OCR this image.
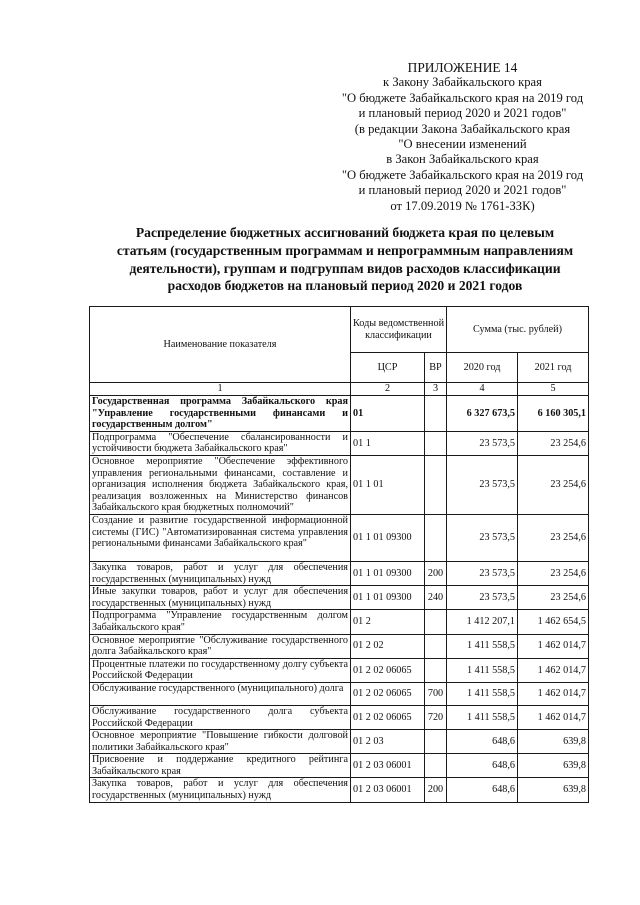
ПРИЛОЖЕНИЕ 14
к Закону Забайкальского края
"О бюджете Забайкальского края на 2019 год
и плановый период 2020 и 2021 годов"
(в редакции Закона Забайкальского края
"О внесении изменений
в Закон Забайкальского края
"О бюджете Забайкальского края на 2019 год
и плановый период 2020 и 2021 годов"
от 17.09.2019 № 1761-ЗЗК)
Распределение бюджетных ассигнований бюджета края по целевым
статьям (государственным программам и непрограммным направлениям
деятельности), группам и подгруппам видов расходов классификации
расходов бюджетов на плановый период 2020 и 2021 годов
Наименование показателя	Коды ведомственной классификации		Сумма (тыс. рублей)	
	ЦСР	ВР	2020 год	2021 год
1	2	3	4	5
Государственная программа Забайкальского края "Управление государственными финансами и государственным долгом"	01		6 327 673,5	6 160 305,1
Подпрограмма "Обеспечение сбалансированности и устойчивости бюджета Забайкальского края"	01 1		23 573,5	23 254,6
Основное мероприятие "Обеспечение эффективного управления региональными финансами, составление и организация исполнения бюджета Забайкальского края, реализация возложенных на Министерство финансов Забайкальского края бюджетных полномочий"	01 1 01		23 573,5	23 254,6
Создание и развитие государственной информационной системы (ГИС) "Автоматизированная система управления региональными финансами Забайкальского края"	01 1 01 09300		23 573,5	23 254,6
Закупка товаров, работ и услуг для обеспечения государственных (муниципальных) нужд	01 1 01 09300	200	23 573,5	23 254,6
Иные закупки товаров, работ и услуг для обеспечения государственных (муниципальных) нужд	01 1 01 09300	240	23 573,5	23 254,6
Подпрограмма "Управление государственным долгом Забайкальского края"	01 2		1 412 207,1	1 462 654,5
Основное мероприятие "Обслуживание государственного долга Забайкальского края"	01 2 02		1 411 558,5	1 462 014,7
Процентные платежи по государственному долгу субъекта Российской Федерации	01 2 02 06065		1 411 558,5	1 462 014,7
Обслуживание государственного (муниципального) долга	01 2 02 06065	700	1 411 558,5	1 462 014,7
Обслуживание государственного долга субъекта Российской Федерации	01 2 02 06065	720	1 411 558,5	1 462 014,7
Основное мероприятие "Повышение гибкости долговой политики Забайкальского края"	01 2 03		648,6	639,8
Присвоение и поддержание кредитного рейтинга Забайкальского края	01 2 03 06001		648,6	639,8
Закупка товаров, работ и услуг для обеспечения государственных (муниципальных) нужд	01 2 03 06001	200	648,6	639,8
